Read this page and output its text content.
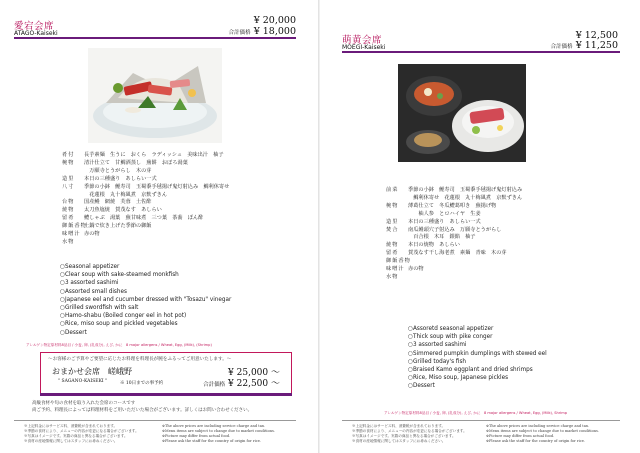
愛宕会席
ATAGO-Kaiseki
¥ 20,000
合計価格 ¥ 18,000
肴付	長芋素麺　生うに　おくら　ラディッシュ　美味出汁　柚子
椀物	清汁仕立て　甘鯛酒蒸し　蕪餅　おぼろ湯葉
　万願寺とうがらし　木の芽
造里	本日の三種盛り　あしらい一式
八寸	季節の小鉢　鯉寿司　玉蜀黍手毬揚げ鬼灯射込み　鯛利休寄せ
　花蓮根　丸十梅風煮　京麩ずきん
台物	国産鰻　網焼　芙蓉　土佐酢
焼物	太刀魚塩焼　賀茂なす　あしらい
留肴	鱧しゃぶ　湯葉　蕪甘味煮　三つ葉　茶蕎　ぽん酢
御飯香物
土鍋で炊き上げた季節の御飯
味噌汁 赤の物
水物
○Seasonal appetizer
○Clear soup with sake-steamed monkfish
○3 assorted sashimi
○Assorted small dishes
○Japanese eel and cucumber dressed with "Tosazu" vinegar
○Grilled swordfish with salt
○Hamo-shabu (Boiled conger eel in hot pot)
○Rice, miso soup and pickled vegetables
○Dessert
アレルゲン特定原材料8品目 / 小麦, 卵, (乳成分), えび, かに　8 major allergens / Wheat, Egg, (Milk), (Shrimp)
〜お客様のご予算やご要望に応じたお料理を料理長が腕をふるってご用意いたします。〜
おまかせ会席　嵯峨野
" SAGANO-KAISEKI "	※ 10日までの事予約
¥ 25,000 〜
合計価格 ¥ 22,500 〜
高級食材や旬の食材を取り入れた会席のコースです
尚ご予約、料理長によっては料理材料をご用いただいた場合がございます。詳しくはお問い合わせください。
※上記料金にはサービス料、消費税が含まれております。
※季節の食材により、メニューの内容が変更になる場合がございます。
※写真はイメージです。実際の商品と異なる場合がございます。
※食材の産地情報に関してはスタッフにお尋ねください。
※The above prices are including service charge and tax.
※Menu items are subject to change due to market conditions.
※Picture may differ from actual food.
※Please ask the staff for the country of origin for rice.
萌黄会席
MOEGI-Kaiseki
¥ 12,500
合計価格 ¥ 11,250
前菜	季節の小鉢　鯉寿司　玉蜀黍手毬揚げ鬼灯射込み
　鯛利休寄せ　花蓮根　丸十梅風煮　京麩ずきん
椀物	薄葛仕立て　冬瓜鱧葛叩き　蕪揚げ物
　　柚人参　とロハイヤ　生姜
造里	本日の三種盛り　あしらい一式
焚合	南瓜饅頭穴子射込み　万願寺とうがらし
　百合根　木耳　銀餡　柚子
焼物	本日の焼物　あしらい
留肴	賀茂なす干し海老煮　素麺　青味　木の芽
御飯香物
味噌汁 赤の物
水物
○Assoretd seasonal appetizer
○Thick soup with pike conger
○3 assorted sashimi
○Simmered pumpkin dumplings with stewed eel
○Grilled today's fish
○Braised Kamo eggplant and dried shrimps
○Rice, Miso soup, Japanese pickles
○Dessert
アレルゲン特定原材料8品目 / 小麦, 卵, (乳成分), えび, かに　8 major allergens / Wheat, Egg, (Milk), Shrimp
※上記料金にはサービス料、消費税が含まれております。
※季節の食材により、メニューの内容が変更になる場合がございます。
※写真はイメージです。実際の商品と異なる場合がございます。
※食材の産地情報に関してはスタッフにお尋ねください。
※The above prices are including service charge and tax.
※Menu items are subject to change due to market conditions.
※Picture may differ from actual food.
※Please ask the staff for the country of origin for rice.
